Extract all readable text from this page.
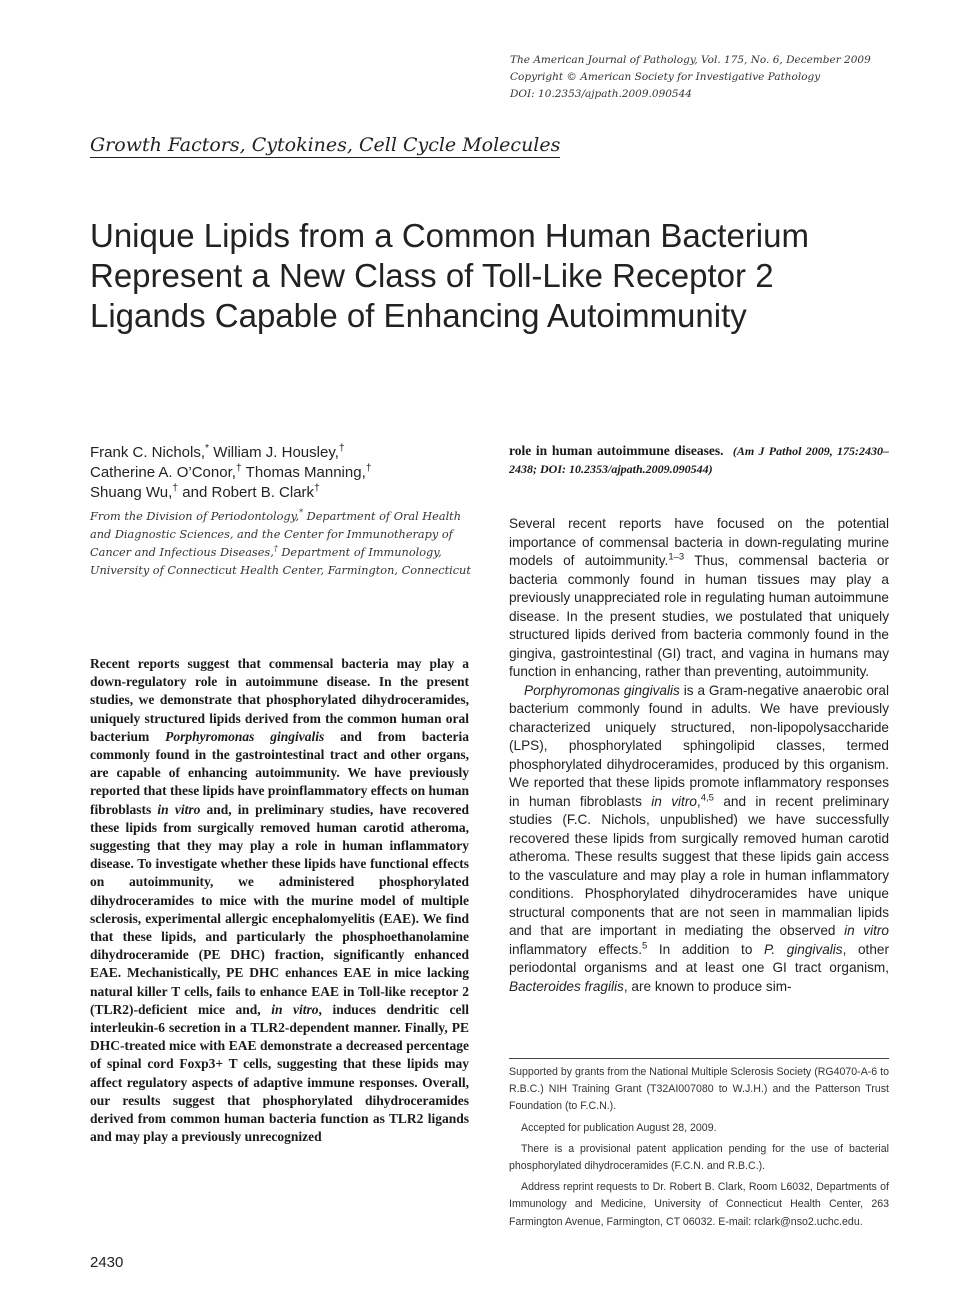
The American Journal of Pathology, Vol. 175, No. 6, December 2009
Copyright © American Society for Investigative Pathology
DOI: 10.2353/ajpath.2009.090544
Growth Factors, Cytokines, Cell Cycle Molecules
Unique Lipids from a Common Human Bacterium
Represent a New Class of Toll-Like Receptor 2
Ligands Capable of Enhancing Autoimmunity
Frank C. Nichols,* William J. Housley,†
Catherine A. O’Conor,† Thomas Manning,†
Shuang Wu,† and Robert B. Clark†
From the Division of Periodontology,* Department of Oral Health and Diagnostic Sciences, and the Center for Immunotherapy of Cancer and Infectious Diseases,† Department of Immunology, University of Connecticut Health Center, Farmington, Connecticut
Recent reports suggest that commensal bacteria may play a down-regulatory role in autoimmune disease. In the present studies, we demonstrate that phosphorylated dihydroceramides, uniquely structured lipids derived from the common human oral bacterium Porphyromonas gingivalis and from bacteria commonly found in the gastrointestinal tract and other organs, are capable of enhancing autoimmunity. We have previously reported that these lipids have proinflammatory effects on human fibroblasts in vitro and, in preliminary studies, have recovered these lipids from surgically removed human carotid atheroma, suggesting that they may play a role in human inflammatory disease. To investigate whether these lipids have functional effects on autoimmunity, we administered phosphorylated dihydroceramides to mice with the murine model of multiple sclerosis, experimental allergic encephalomyelitis (EAE). We find that these lipids, and particularly the phosphoethanolamine dihydroceramide (PE DHC) fraction, significantly enhanced EAE. Mechanistically, PE DHC enhances EAE in mice lacking natural killer T cells, fails to enhance EAE in Toll-like receptor 2 (TLR2)-deficient mice and, in vitro, induces dendritic cell interleukin-6 secretion in a TLR2-dependent manner. Finally, PE DHC-treated mice with EAE demonstrate a decreased percentage of spinal cord Foxp3+ T cells, suggesting that these lipids may affect regulatory aspects of adaptive immune responses. Overall, our results suggest that phosphorylated dihydroceramides derived from common human bacteria function as TLR2 ligands and may play a previously unrecognized
role in human autoimmune diseases. (Am J Pathol 2009, 175:2430–2438; DOI: 10.2353/ajpath.2009.090544)

Several recent reports have focused on the potential importance of commensal bacteria in down-regulating murine models of autoimmunity.$^{1-3}$ Thus, commensal bacteria or bacteria commonly found in human tissues may play a previously unappreciated role in regulating human autoimmune disease. In the present studies, we postulated that uniquely structured lipids derived from bacteria commonly found in the gingiva, gastrointestinal (GI) tract, and vagina in humans may function in enhancing, rather than preventing, autoimmunity.

Porphyromonas gingivalis is a Gram-negative anaerobic oral bacterium commonly found in adults. We have previously characterized uniquely structured, non-lipopolysaccharide (LPS), phosphorylated sphingolipid classes, termed phosphorylated dihydroceramides, produced by this organism. We reported that these lipids promote inflammatory responses in human fibroblasts in vitro,$^{4,5}$ and in recent preliminary studies (F.C. Nichols, unpublished) we have successfully recovered these lipids from surgically removed human carotid atheroma. These results suggest that these lipids gain access to the vasculature and may play a role in human inflammatory conditions. Phosphorylated dihydroceramides have unique structural components that are not seen in mammalian lipids and that are important in mediating the observed in vitro inflammatory effects.$^5$ In addition to P. gingivalis, other periodontal organisms and at least one GI tract organism, Bacteroides fragilis, are known to produce sim-

Supported by grants from the National Multiple Sclerosis Society (RG4070-A-6 to R.B.C.) NIH Training Grant (T32AI007080 to W.J.H.) and the Patterson Trust Foundation (to F.C.N.).

Accepted for publication August 28, 2009.

There is a provisional patent application pending for the use of bacterial phosphorylated dihydroceramides (F.C.N. and R.B.C.).

Address reprint requests to Dr. Robert B. Clark, Room L6032, Departments of Immunology and Medicine, University of Connecticut Health Center, 263 Farmington Avenue, Farmington, CT 06032. E-mail: rclark@nso2.uchc.edu.

2430
